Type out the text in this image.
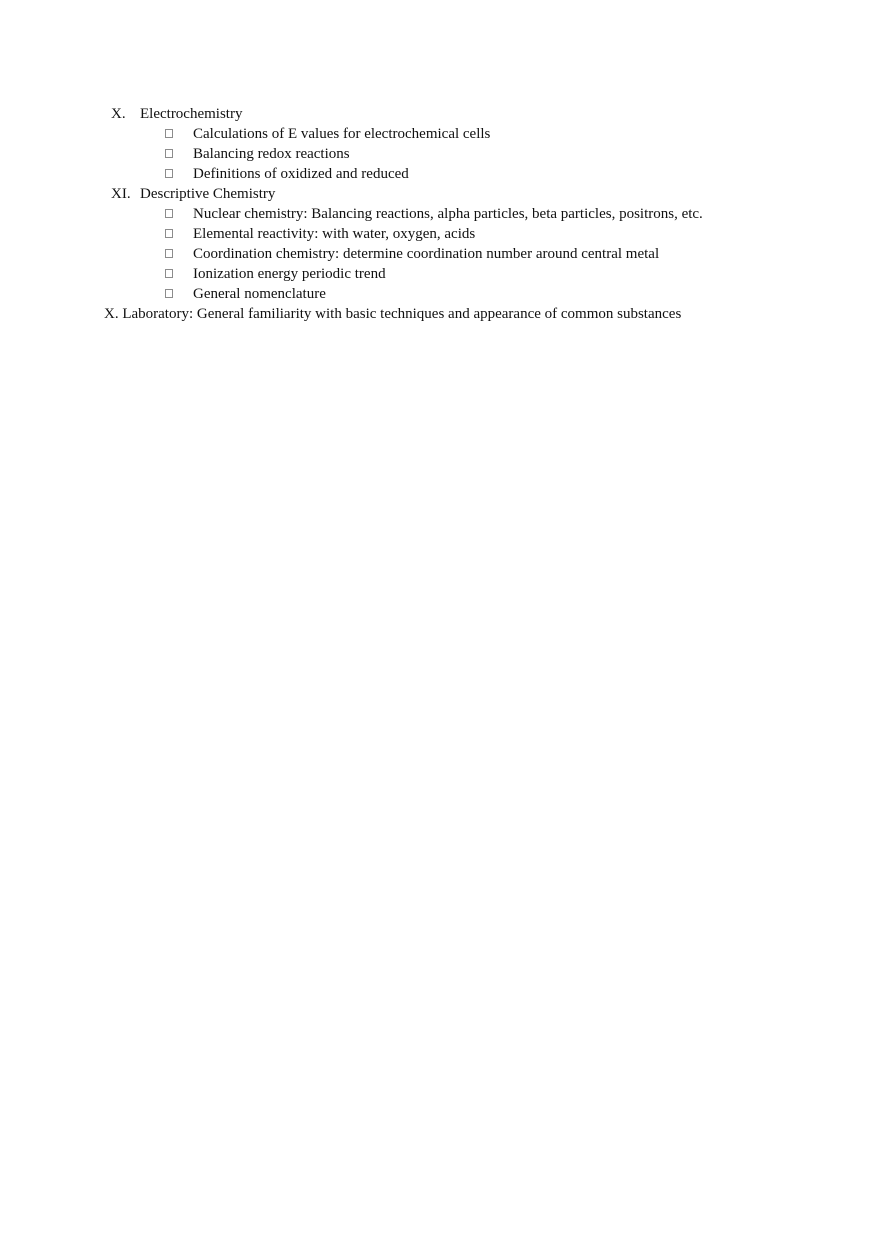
X. Electrochemistry
Calculations of E values for electrochemical cells
Balancing redox reactions
Definitions of oxidized and reduced
XI. Descriptive Chemistry
Nuclear chemistry: Balancing reactions, alpha particles, beta particles, positrons, etc.
Elemental reactivity: with water, oxygen, acids
Coordination chemistry: determine coordination number around central metal
Ionization energy periodic trend
General nomenclature
X. Laboratory: General familiarity with basic techniques and appearance of common substances
